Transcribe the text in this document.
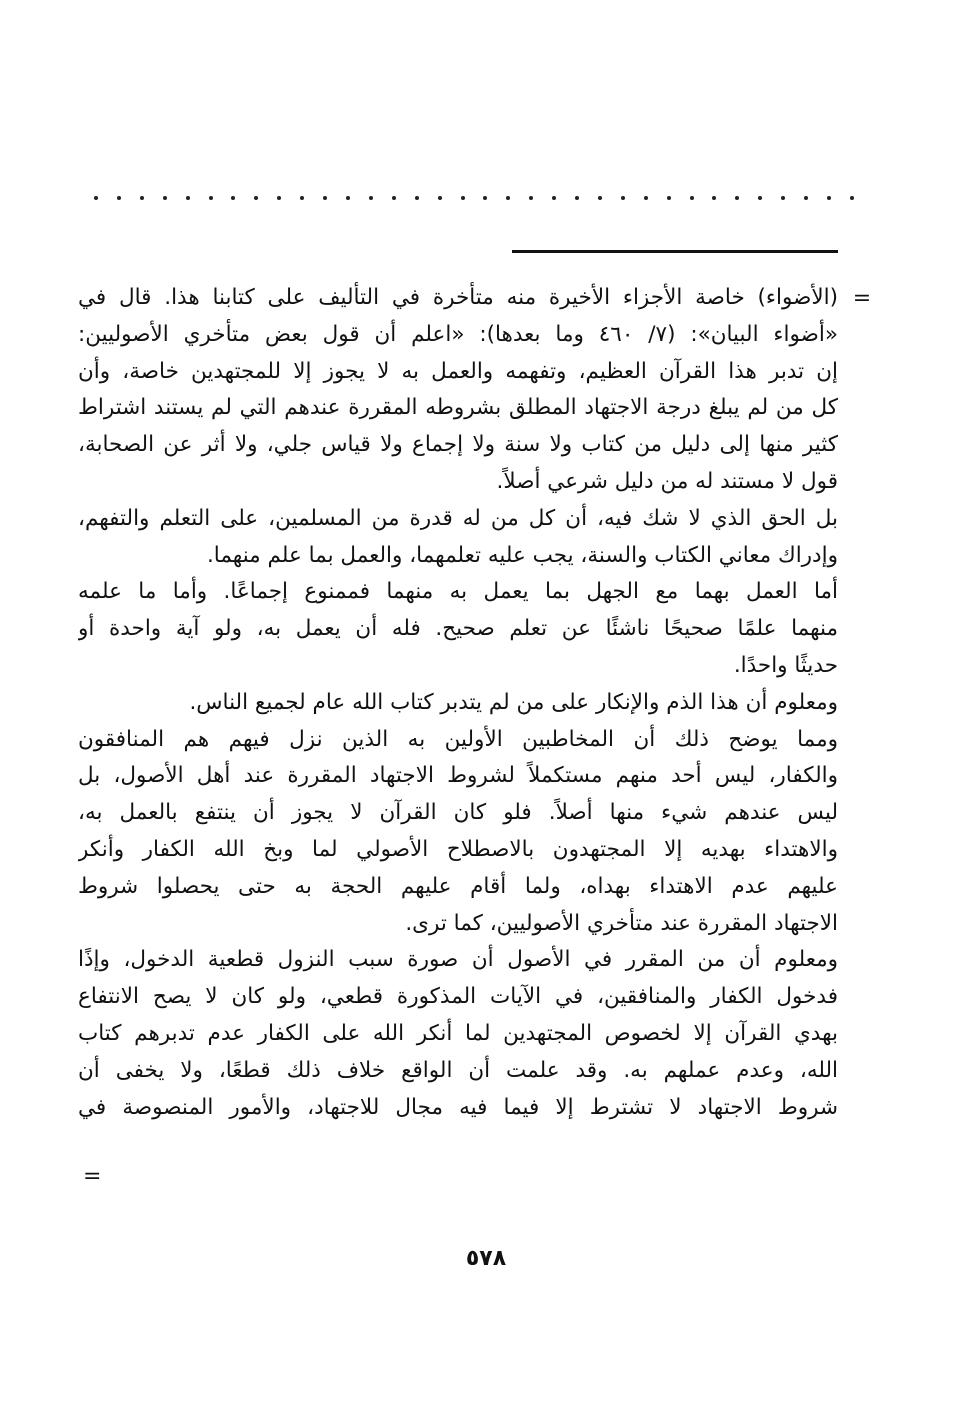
=
(الأضواء) خاصة الأجزاء الأخيرة منه متأخرة في التأليف على كتابنا هذا. قال في
«أضواء البيان»: (٧/ ٤٦٠ وما بعدها): «اعلم أن قول بعض متأخري الأصوليين:
إن تدبر هذا القرآن العظيم، وتفهمه والعمل به لا يجوز إلا للمجتهدين خاصة، وأن
كل من لم يبلغ درجة الاجتهاد المطلق بشروطه المقررة عندهم التي لم يستند اشتراط
كثير منها إلى دليل من كتاب ولا سنة ولا إجماع ولا قياس جلي، ولا أثر عن الصحابة،
قول لا مستند له من دليل شرعي أصلاً.
بل الحق الذي لا شك فيه، أن كل من له قدرة من المسلمين، على التعلم والتفهم،
وإدراك معاني الكتاب والسنة، يجب عليه تعلمهما، والعمل بما علم منهما.
أما العمل بهما مع الجهل بما يعمل به منهما فممنوع إجماعًا. وأما ما علمه
منهما علمًا صحيحًا ناشئًا عن تعلم صحيح. فله أن يعمل به، ولو آية واحدة أو
حديثًا واحدًا.
ومعلوم أن هذا الذم والإنكار على من لم يتدبر كتاب الله عام لجميع الناس.
ومما يوضح ذلك أن المخاطبين الأولين به الذين نزل فيهم هم المنافقون
والكفار، ليس أحد منهم مستكملاً لشروط الاجتهاد المقررة عند أهل الأصول، بل
ليس عندهم شيء منها أصلاً. فلو كان القرآن لا يجوز أن ينتفع بالعمل به،
والاهتداء بهديه إلا المجتهدون بالاصطلاح الأصولي لما وبخ الله الكفار وأنكر
عليهم عدم الاهتداء بهداه، ولما أقام عليهم الحجة به حتى يحصلوا شروط
الاجتهاد المقررة عند متأخري الأصوليين، كما ترى.
ومعلوم أن من المقرر في الأصول أن صورة سبب النزول قطعية الدخول، وإذًا
فدخول الكفار والمنافقين، في الآيات المذكورة قطعي، ولو كان لا يصح الانتفاع
بهدي القرآن إلا لخصوص المجتهدين لما أنكر الله على الكفار عدم تدبرهم كتاب
الله، وعدم عملهم به. وقد علمت أن الواقع خلاف ذلك قطعًا، ولا يخفى أن
شروط الاجتهاد لا تشترط إلا فيما فيه مجال للاجتهاد، والأمور المنصوصة في
=
٥٧٨
